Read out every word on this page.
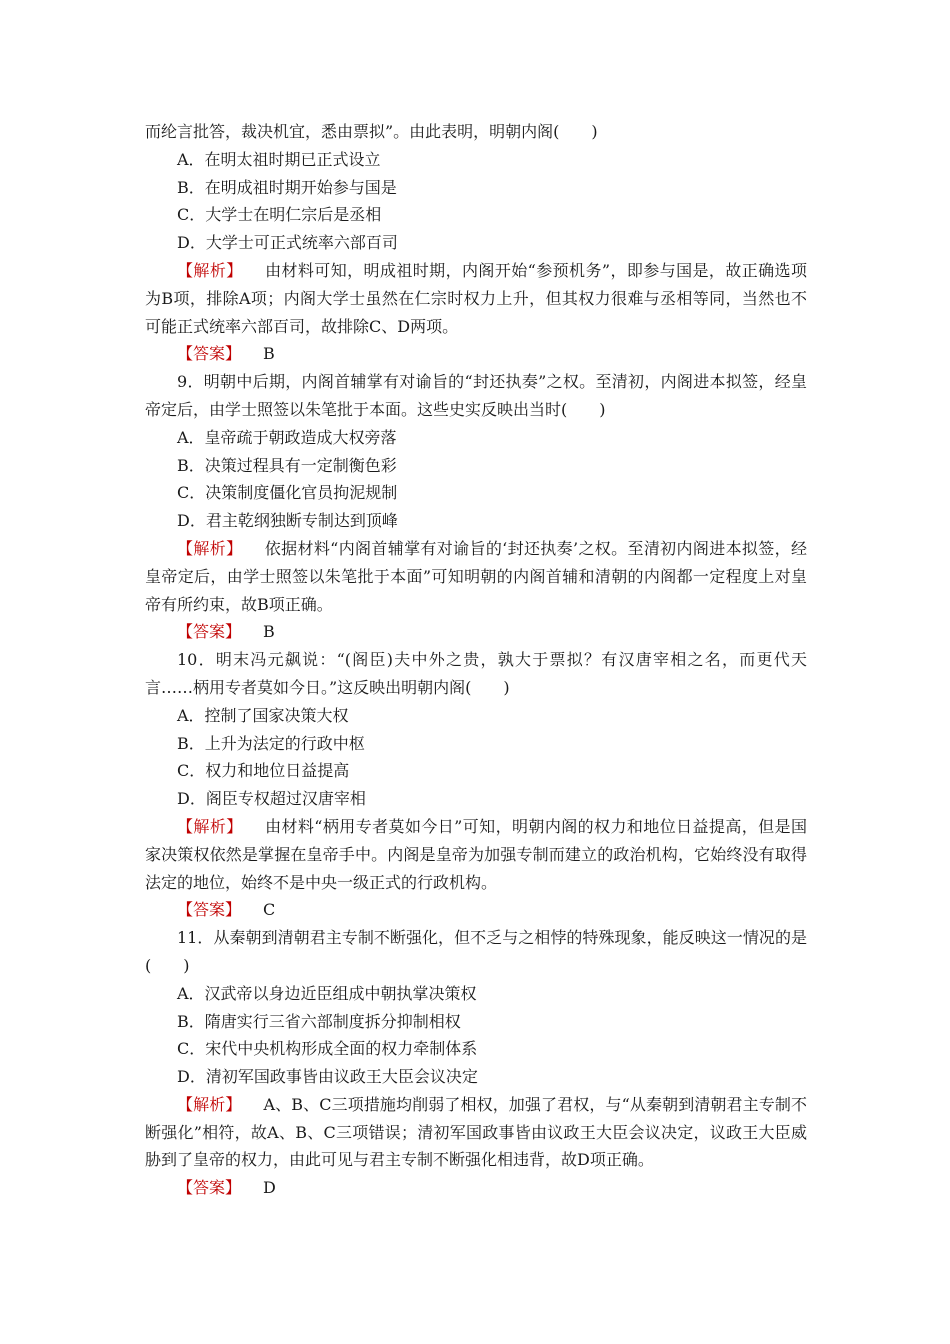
而纶言批答，裁决机宜，悉由票拟”。由此表明，明朝内阁(　　)

A．在明太祖时期已正式设立

B．在明成祖时期开始参与国是

C．大学士在明仁宗后是丞相

D．大学士可正式统率六部百司

【解析】 由材料可知，明成祖时期，内阁开始“参预机务”，即参与国是，故正确选项为B项，排除A项；内阁大学士虽然在仁宗时权力上升，但其权力很难与丞相等同，当然也不可能正式统率六部百司，故排除C、D两项。

【答案】 B

9．明朝中后期，内阁首辅掌有对谕旨的“封还执奏”之权。至清初，内阁进本拟签，经皇帝定后，由学士照签以朱笔批于本面。这些史实反映出当时(　　)

A．皇帝疏于朝政造成大权旁落

B．决策过程具有一定制衡色彩

C．决策制度僵化官员拘泥规制

D．君主乾纲独断专制达到顶峰

【解析】 依据材料“内阁首辅掌有对谕旨的‘封还执奏’之权。至清初内阁进本拟签，经皇帝定后，由学士照签以朱笔批于本面”可知明朝的内阁首辅和清朝的内阁都一定程度上对皇帝有所约束，故B项正确。

【答案】 B

10．明末冯元飙说：“(阁臣)夫中外之贵，孰大于票拟？有汉唐宰相之名，而更代天言……柄用专者莫如今日。”这反映出明朝内阁(　　)

A．控制了国家决策大权

B．上升为法定的行政中枢

C．权力和地位日益提高

D．阁臣专权超过汉唐宰相

【解析】 由材料“柄用专者莫如今日”可知，明朝内阁的权力和地位日益提高，但是国家决策权依然是掌握在皇帝手中。内阁是皇帝为加强专制而建立的政治机构，它始终没有取得法定的地位，始终不是中央一级正式的行政机构。

【答案】 C

11．从秦朝到清朝君主专制不断强化，但不乏与之相悖的特殊现象，能反映这一情况的是(　　)

A．汉武帝以身边近臣组成中朝执掌决策权

B．隋唐实行三省六部制度拆分抑制相权

C．宋代中央机构形成全面的权力牵制体系

D．清初军国政事皆由议政王大臣会议决定

【解析】 A、B、C三项措施均削弱了相权，加强了君权，与“从秦朝到清朝君主专制不断强化”相符，故A、B、C三项错误；清初军国政事皆由议政王大臣会议决定，议政王大臣威胁到了皇帝的权力，由此可见与君主专制不断强化相违背，故D项正确。

【答案】 D
